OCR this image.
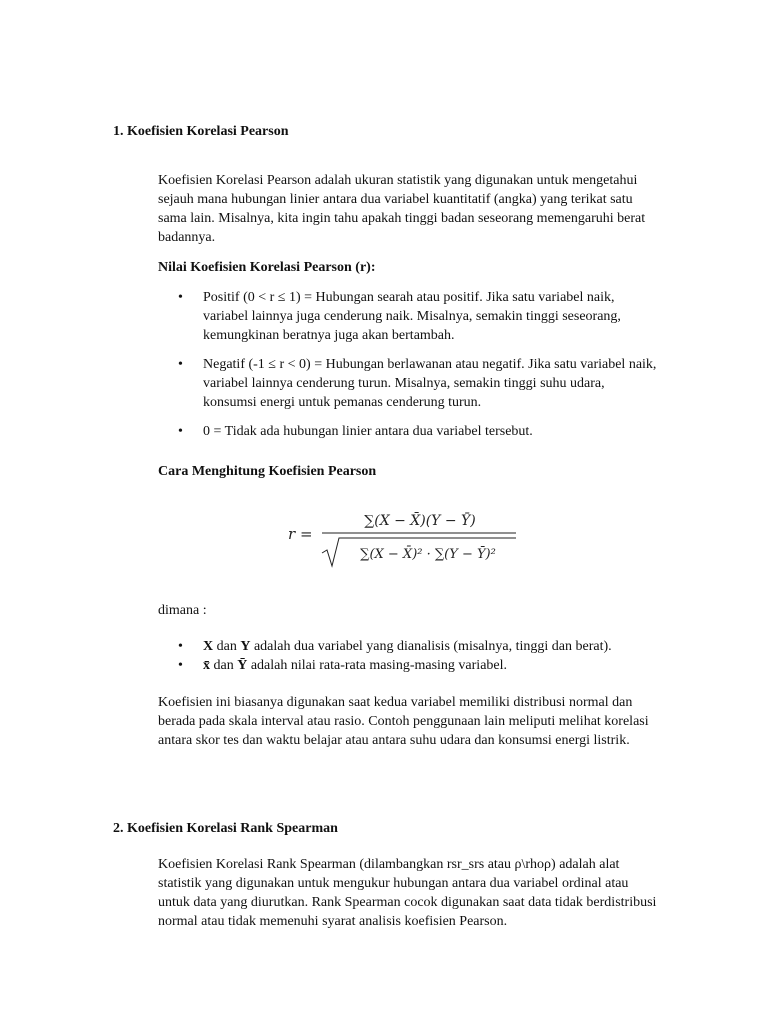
1. Koefisien Korelasi Pearson

Koefisien Korelasi Pearson adalah ukuran statistik yang digunakan untuk mengetahui sejauh mana hubungan linier antara dua variabel kuantitatif (angka) yang terikat satu sama lain. Misalnya, kita ingin tahu apakah tinggi badan seseorang memengaruhi berat badannya.

Nilai Koefisien Korelasi Pearson (r):

• Positif (0 < r ≤ 1) = Hubungan searah atau positif. Jika satu variabel naik, variabel lainnya juga cenderung naik. Misalnya, semakin tinggi seseorang, kemungkinan beratnya juga akan bertambah.
• Negatif (-1 ≤ r < 0) = Hubungan berlawanan atau negatif. Jika satu variabel naik, variabel lainnya cenderung turun. Misalnya, semakin tinggi suhu udara, konsumsi energi untuk pemanas cenderung turun.
• 0 = Tidak ada hubungan linier antara dua variabel tersebut.

Cara Menghitung Koefisien Pearson

r =
∑(X − X̄)(Y − Ȳ)
∑(X − X̄)² · ∑(Y − Ȳ)²

dimana :

• X dan Y adalah dua variabel yang dianalisis (misalnya, tinggi dan berat).
• x̄ dan Ȳ adalah nilai rata-rata masing-masing variabel.

Koefisien ini biasanya digunakan saat kedua variabel memiliki distribusi normal dan berada pada skala interval atau rasio. Contoh penggunaan lain meliputi melihat korelasi antara skor tes dan waktu belajar atau antara suhu udara dan konsumsi energi listrik.

2. Koefisien Korelasi Rank Spearman

Koefisien Korelasi Rank Spearman (dilambangkan rsr_srs atau ρ\rhoρ) adalah alat statistik yang digunakan untuk mengukur hubungan antara dua variabel ordinal atau untuk data yang diurutkan. Rank Spearman cocok digunakan saat data tidak berdistribusi normal atau tidak memenuhi syarat analisis koefisien Pearson.
